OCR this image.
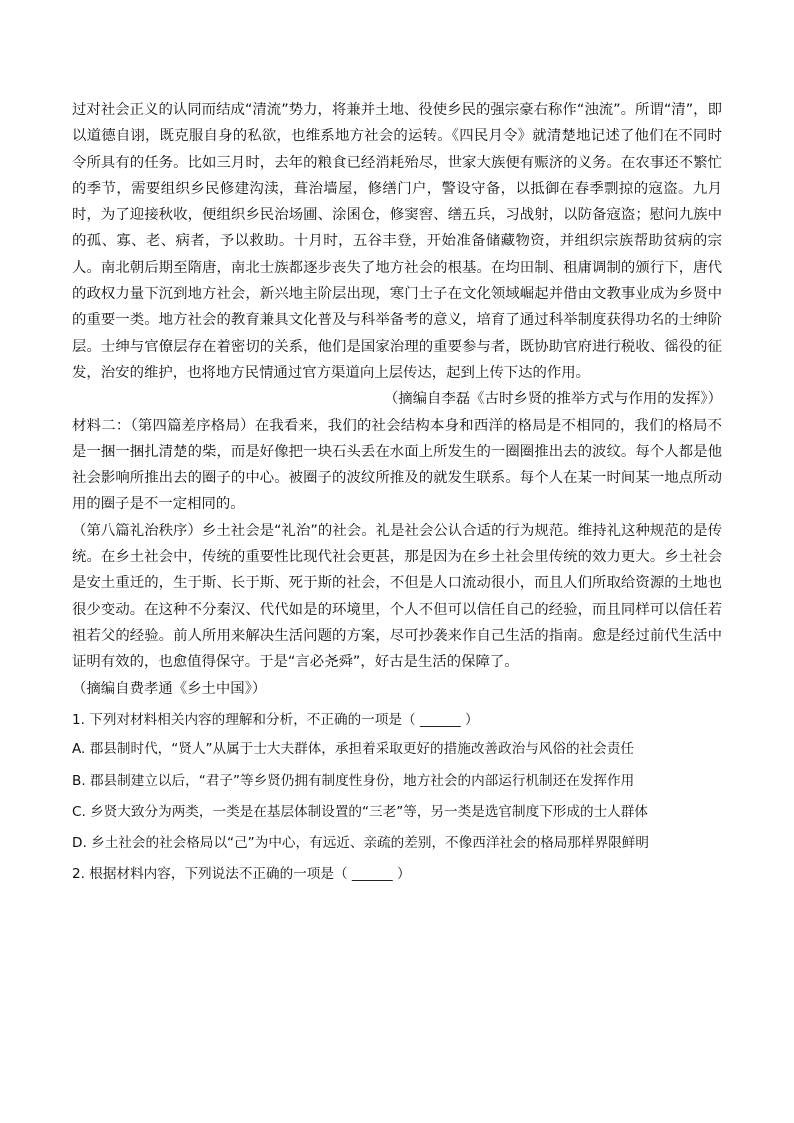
过对社会正义的认同而结成“清流”势力，将兼并土地、役使乡民的强宗豪右称作“浊流”。所谓“清”，即以道德自诩，既克服自身的私欲，也维系地方社会的运转。《四民月令》就清楚地记述了他们在不同时令所具有的任务。比如三月时，去年的粮食已经消耗殆尽，世家大族便有赈济的义务。在农事还不繁忙的季节，需要组织乡民修建沟渎，葺治墙屋，修缮门户，警设守备，以抵御在春季剽掠的寇盗。九月时，为了迎接秋收，便组织乡民治场圃、涂囷仓，修窦窖、缮五兵，习战射，以防备寇盗；慰问九族中的孤、寡、老、病者，予以救助。十月时，五谷丰登，开始准备储藏物资，并组织宗族帮助贫病的宗人。南北朝后期至隋唐，南北士族都逐步丧失了地方社会的根基。在均田制、租庸调制的颁行下，唐代的政权力量下沉到地方社会，新兴地主阶层出现，寒门士子在文化领域崛起并借由文教事业成为乡贤中的重要一类。地方社会的教育兼具文化普及与科举备考的意义，培育了通过科举制度获得功名的士绅阶层。士绅与官僚层存在着密切的关系，他们是国家治理的重要参与者，既协助官府进行税收、徭役的征发，治安的维护，也将地方民情通过官方渠道向上层传达，起到上传下达的作用。

（摘编自李磊《古时乡贤的推举方式与作用的发挥》）

材料二：（第四篇差序格局）在我看来，我们的社会结构本身和西洋的格局是不相同的，我们的格局不是一捆一捆扎清楚的柴，而是好像把一块石头丢在水面上所发生的一圈圈推出去的波纹。每个人都是他社会影响所推出去的圈子的中心。被圈子的波纹所推及的就发生联系。每个人在某一时间某一地点所动用的圈子是不一定相同的。

（第八篇礼治秩序）乡土社会是“礼治”的社会。礼是社会公认合适的行为规范。维持礼这种规范的是传统。在乡土社会中，传统的重要性比现代社会更甚，那是因为在乡土社会里传统的效力更大。乡土社会是安土重迁的，生于斯、长于斯、死于斯的社会，不但是人口流动很小，而且人们所取给资源的土地也很少变动。在这种不分秦汉、代代如是的环境里，个人不但可以信任自己的经验，而且同样可以信任若祖若父的经验。前人所用来解决生活问题的方案，尽可抄袭来作自己生活的指南。愈是经过前代生活中证明有效的，也愈值得保守。于是“言必尧舜”，好古是生活的保障了。

（摘编自费孝通《乡土中国》）

1. 下列对材料相关内容的理解和分析，不正确的一项是（ ______ ）

A. 郡县制时代，“贤人”从属于士大夫群体，承担着采取更好的措施改善政治与风俗的社会责任
B. 郡县制建立以后，“君子”等乡贤仍拥有制度性身份，地方社会的内部运行机制还在发挥作用
C. 乡贤大致分为两类，一类是在基层体制设置的“三老”等，另一类是选官制度下形成的士人群体
D. 乡土社会的社会格局以“己”为中心，有远近、亲疏的差别，不像西洋社会的格局那样界限鲜明

2. 根据材料内容，下列说法不正确的一项是（ ______ ）
